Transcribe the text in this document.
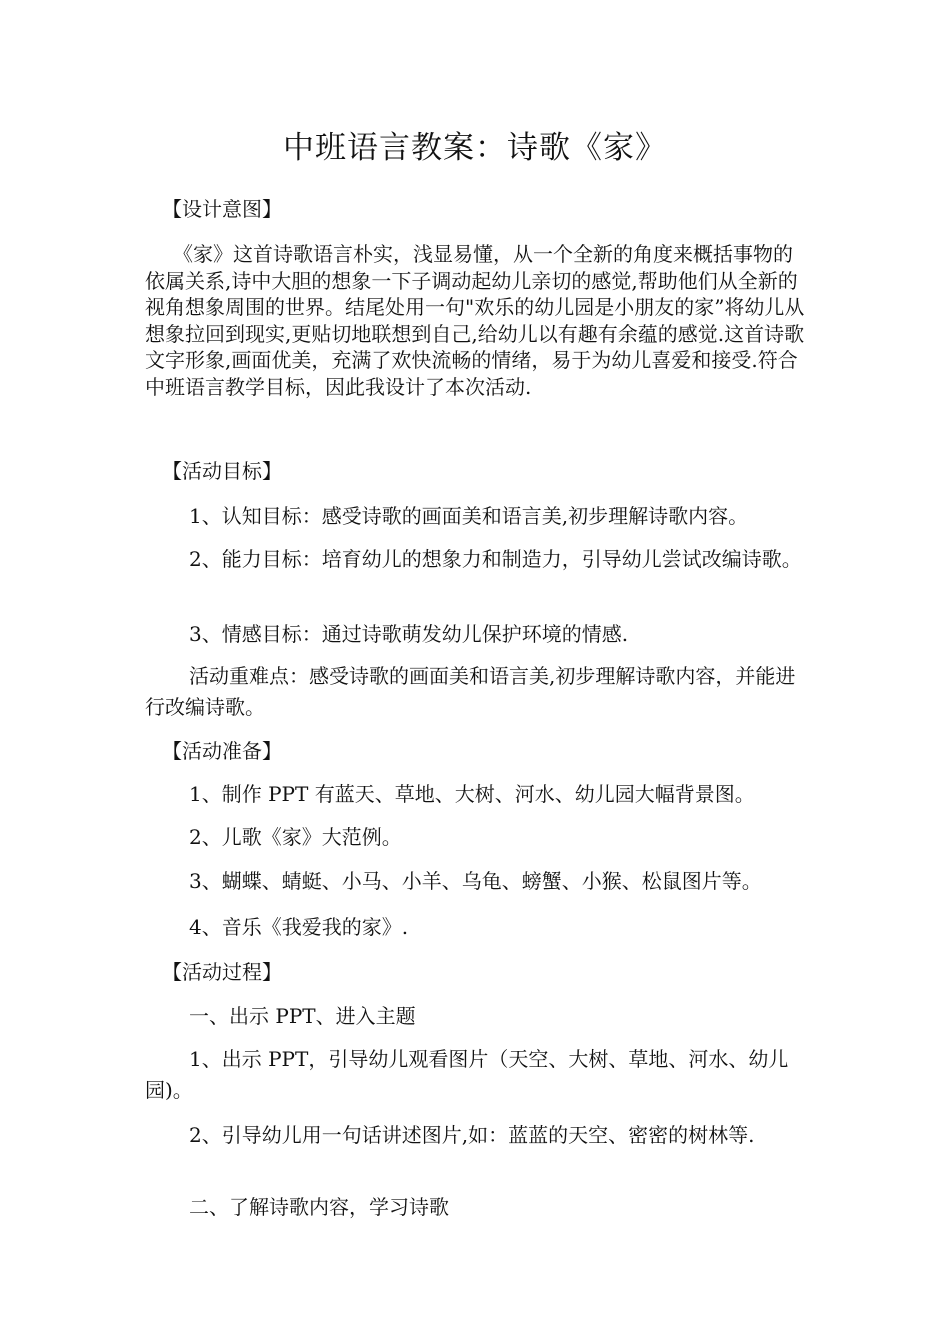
中班语言教案：诗歌《家》

【设计意图】

《家》这首诗歌语言朴实，浅显易懂，从一个全新的角度来概括事物的依属关系,诗中大胆的想象一下子调动起幼儿亲切的感觉,帮助他们从全新的视角想象周围的世界。结尾处用一句"欢乐的幼儿园是小朋友的家”将幼儿从想象拉回到现实,更贴切地联想到自己,给幼儿以有趣有余蕴的感觉.这首诗歌文字形象,画面优美，充满了欢快流畅的情绪，易于为幼儿喜爱和接受.符合中班语言教学目标，因此我设计了本次活动.

【活动目标】

1、认知目标：感受诗歌的画面美和语言美,初步理解诗歌内容。

2、能力目标：培育幼儿的想象力和制造力，引导幼儿尝试改编诗歌。

3、情感目标：通过诗歌萌发幼儿保护环境的情感.

活动重难点：感受诗歌的画面美和语言美,初步理解诗歌内容，并能进行改编诗歌。

【活动准备】

1、制作 PPT 有蓝天、草地、大树、河水、幼儿园大幅背景图。

2、儿歌《家》大范例。

3、蝴蝶、蜻蜓、小马、小羊、乌龟、螃蟹、小猴、松鼠图片等。

4、音乐《我爱我的家》.

【活动过程】

一、出示 PPT、进入主题

1、出示 PPT，引导幼儿观看图片（天空、大树、草地、河水、幼儿园)。

2、引导幼儿用一句话讲述图片,如：蓝蓝的天空、密密的树林等.

二、了解诗歌内容，学习诗歌
